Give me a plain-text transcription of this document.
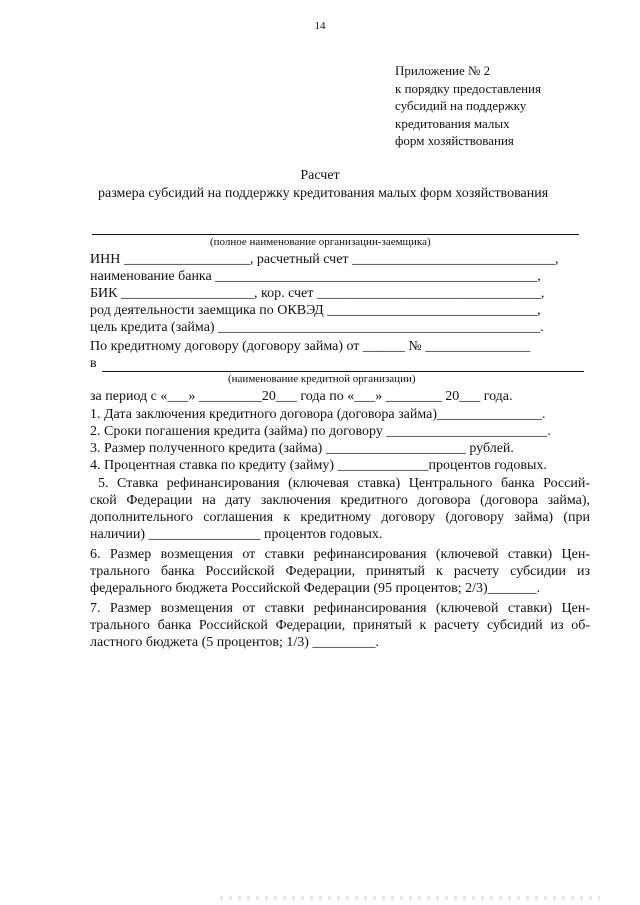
14
Приложение № 2
к порядку предоставления
субсидий на поддержку
кредитования малых
форм хозяйствования
Расчет
размера субсидий на поддержку кредитования малых форм хозяйствования
(полное наименование организации-заемщика)
ИНН __________________, расчетный счет _____________________________,
наименование банка ______________________________________________,
БИК ___________________, кор. счет ________________________________,
род деятельности заемщика по ОКВЭД ______________________________,
цель кредита (займа) ______________________________________________.
По кредитному договору (договору займа) от ______ № _______________
в
(наименование кредитной организации)
за период с «___» _________20___ года по «___» ________ 20___ года.
1. Дата заключения кредитного договора (договора займа)_______________.
2. Сроки погашения кредита (займа) по договору _______________________.
3. Размер полученного кредита (займа) ____________________ рублей.
4. Процентная ставка по кредиту (займу) _____________процентов годовых.
5. Ставка рефинансирования (ключевая ставка) Центрального банка Россий-
ской Федерации на дату заключения кредитного договора (договора займа),
дополнительного соглашения к кредитному договору (договору займа) (при
наличии) ________________ процентов годовых.
6. Размер возмещения от ставки рефинансирования (ключевой ставки) Цен-
трального банка Российской Федерации, принятый к расчету субсидии из
федерального бюджета Российской Федерации (95 процентов; 2/3)_______.
7. Размер возмещения от ставки рефинансирования (ключевой ставки) Цен-
трального банка Российской Федерации, принятый к расчету субсидий из об-
ластного бюджета (5 процентов; 1/3) _________.
